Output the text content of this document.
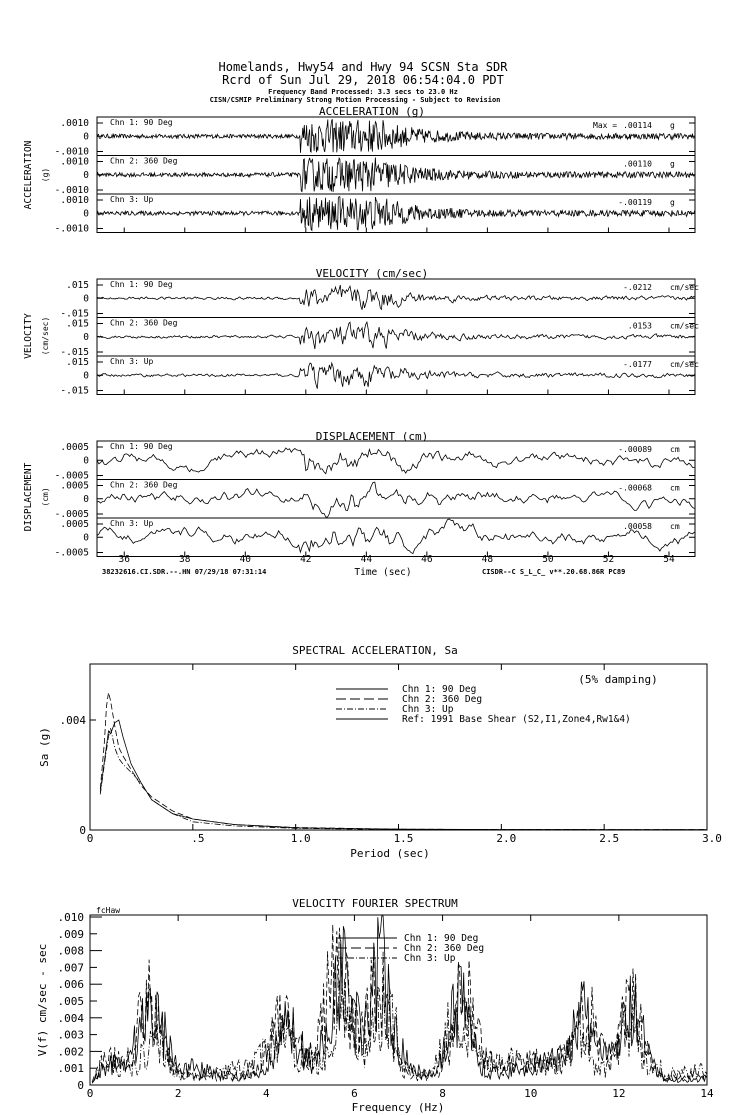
Homelands, Hwy54 and Hwy 94 SCSN Sta SDR
Rcrd of Sun Jul 29, 2018 06:54:04.0 PDT
Frequency Band Processed: 3.3 secs to 23.0 Hz
CISN/CSMIP Preliminary Strong Motion Processing - Subject to Revision
ACCELERATION (g)
ACCELERATION (g)
.0010
0
-.0010
Chn 1: 90 Deg	Max = .00114 g
.0010
0
-.0010
Chn 2: 360 Deg	.00110 g
.0010
0
-.0010
Chn 3: Up	-.00119 g
VELOCITY (cm/sec)
VELOCITY (cm/sec)
.015
0
-.015
Chn 1: 90 Deg	-.0212 cm/sec
.015
0
-.015
Chn 2: 360 Deg	.0153 cm/sec
.015
0
-.015
Chn 3: Up	-.0177 cm/sec
DISPLACEMENT (cm)
DISPLACEMENT (cm)
.0005
0
-.0005
Chn 1: 90 Deg	-.00089 cm
.0005
0
-.0005
Chn 2: 360 Deg	-.00068 cm
.0005
0
-.0005
Chn 3: Up	.00058 cm
36	38	40	42	44	46	48	50	52	54
Time (sec)
38232616.CI.SDR.--.HN 07/29/18 07:31:14	CISDR--C S_L_C_ v**.20.68.86R PC89
SPECTRAL ACCELERATION, Sa
(5% damping)
Sa (g)
Period (sec)
0	.5	1.0	1.5	2.0	2.5	3.0
.004
0
Chn 1: 90 Deg
Chn 2: 360 Deg
Chn 3: Up
Ref: 1991 Base Shear (S2,I1,Zone4,Rw1&4)
VELOCITY FOURIER SPECTRUM
fcHaw
V(f) cm/sec - sec
Frequency (Hz)
0	2	4	6	8	10	12	14
.010
.009
.008
.007
.006
.005
.004
.003
.002
.001
0
Chn 1: 90 Deg
Chn 2: 360 Deg
Chn 3: Up
